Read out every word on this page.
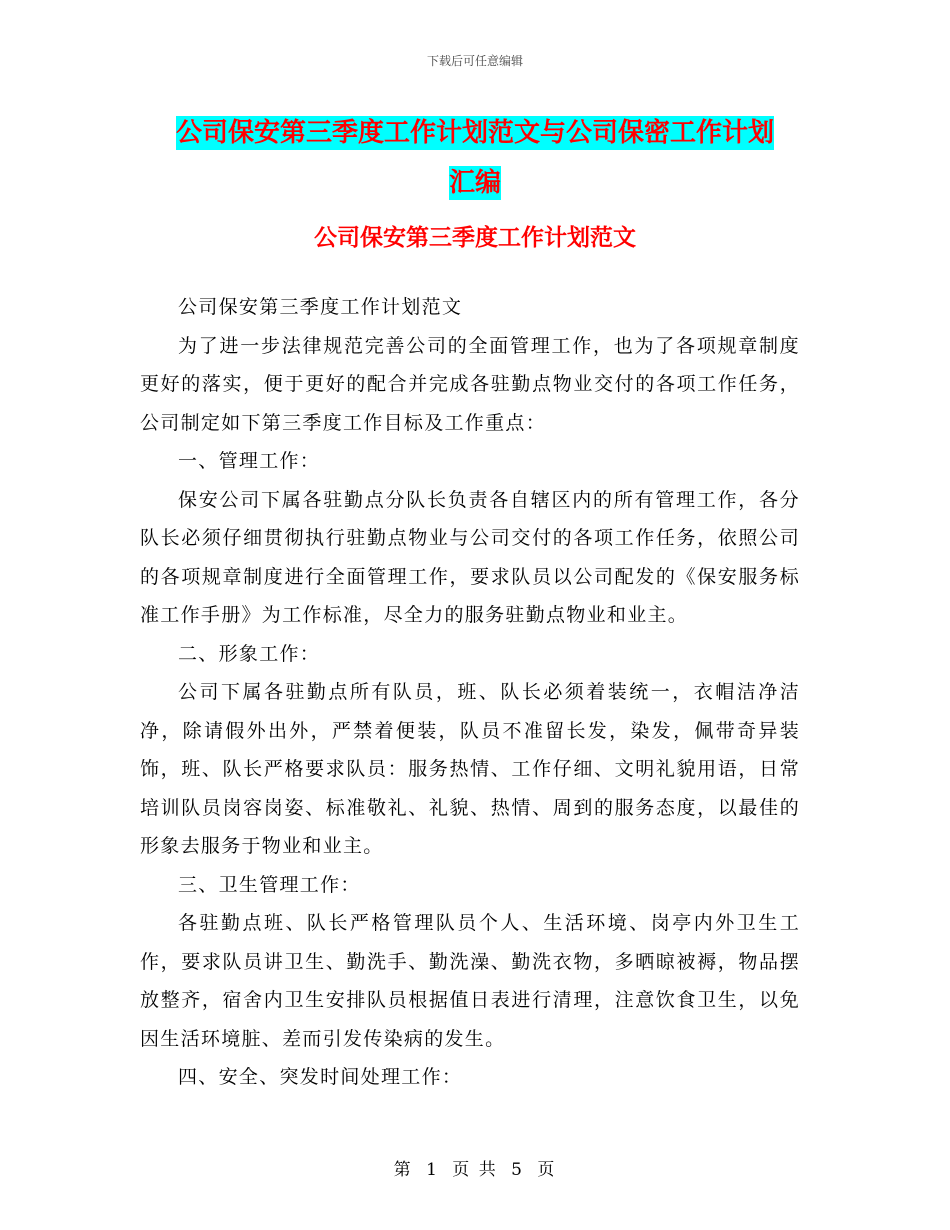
下载后可任意编辑
公司保安第三季度工作计划范文与公司保密工作计划
汇编
公司保安第三季度工作计划范文

公司保安第三季度工作计划范文

为了进一步法律规范完善公司的全面管理工作，也为了各项规章制度更好的落实，便于更好的配合并完成各驻勤点物业交付的各项工作任务，公司制定如下第三季度工作目标及工作重点：

一、管理工作：

保安公司下属各驻勤点分队长负责各自辖区内的所有管理工作，各分队长必须仔细贯彻执行驻勤点物业与公司交付的各项工作任务，依照公司的各项规章制度进行全面管理工作，要求队员以公司配发的《保安服务标准工作手册》为工作标准，尽全力的服务驻勤点物业和业主。

二、形象工作：

公司下属各驻勤点所有队员，班、队长必须着装统一，衣帽洁净洁净，除请假外出外，严禁着便装，队员不准留长发，染发，佩带奇异装饰，班、队长严格要求队员：服务热情、工作仔细、文明礼貌用语，日常培训队员岗容岗姿、标准敬礼、礼貌、热情、周到的服务态度，以最佳的形象去服务于物业和业主。

三、卫生管理工作：

各驻勤点班、队长严格管理队员个人、生活环境、岗亭内外卫生工作，要求队员讲卫生、勤洗手、勤洗澡、勤洗衣物，多晒晾被褥，物品摆放整齐，宿舍内卫生安排队员根据值日表进行清理，注意饮食卫生，以免因生活环境脏、差而引发传染病的发生。

四、安全、突发时间处理工作：

第 1 页 共 5 页
